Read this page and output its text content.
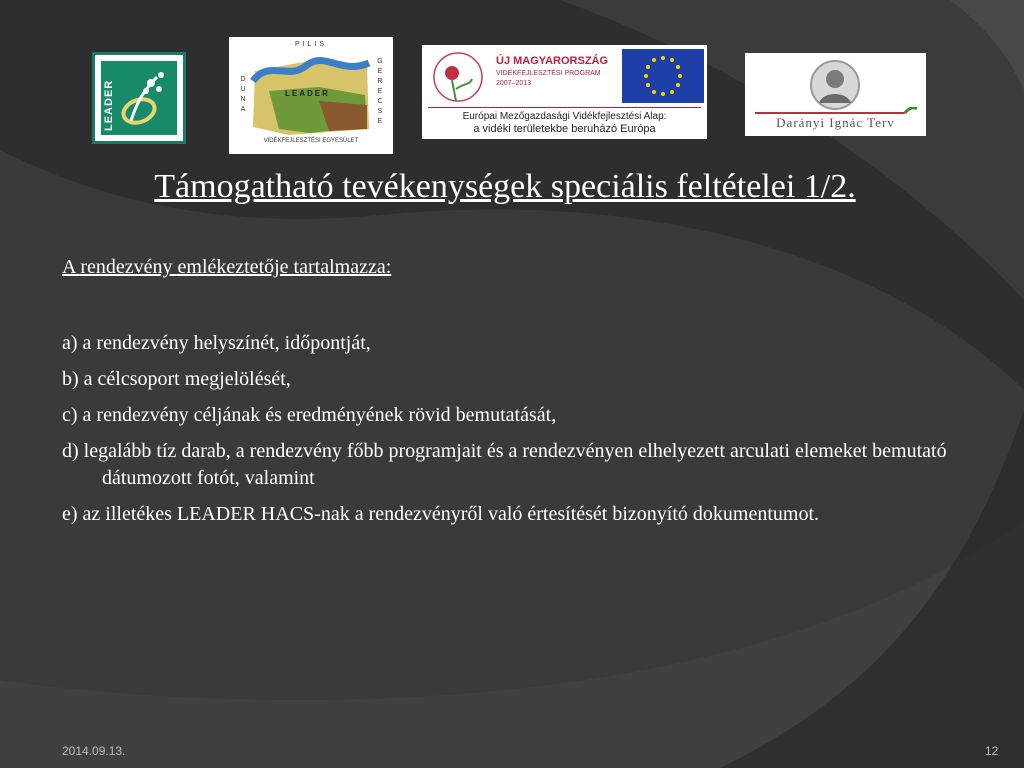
LEADER
PILIS
D
U
N
A
G
E
R
E
C
S
E
LEADER
VIDÉKFEJLESZTÉSI EGYESÜLET
ÚJ MAGYARORSZÁG
VIDÉKFEJLESZTÉSI PROGRAM
2007–2013
Európai Mezőgazdasági Vidékfejlesztési Alap:
a vidéki területekbe beruházó Európa	Darányi Ignác Terv
Támogatható tevékenységek speciális feltételei 1/2.
A rendezvény emlékeztetője tartalmazza:
a) a rendezvény helyszínét, időpontját,
b) a célcsoport megjelölését,
c) a rendezvény céljának és eredményének rövid bemutatását,
d) legalább tíz darab, a rendezvény főbb programjait és a rendezvényen elhelyezett arculati elemeket bemutató dátumozott fotót, valamint
e) az illetékes LEADER HACS-nak a rendezvényről való értesítését bizonyító dokumentumot.
2014.09.13.	12
